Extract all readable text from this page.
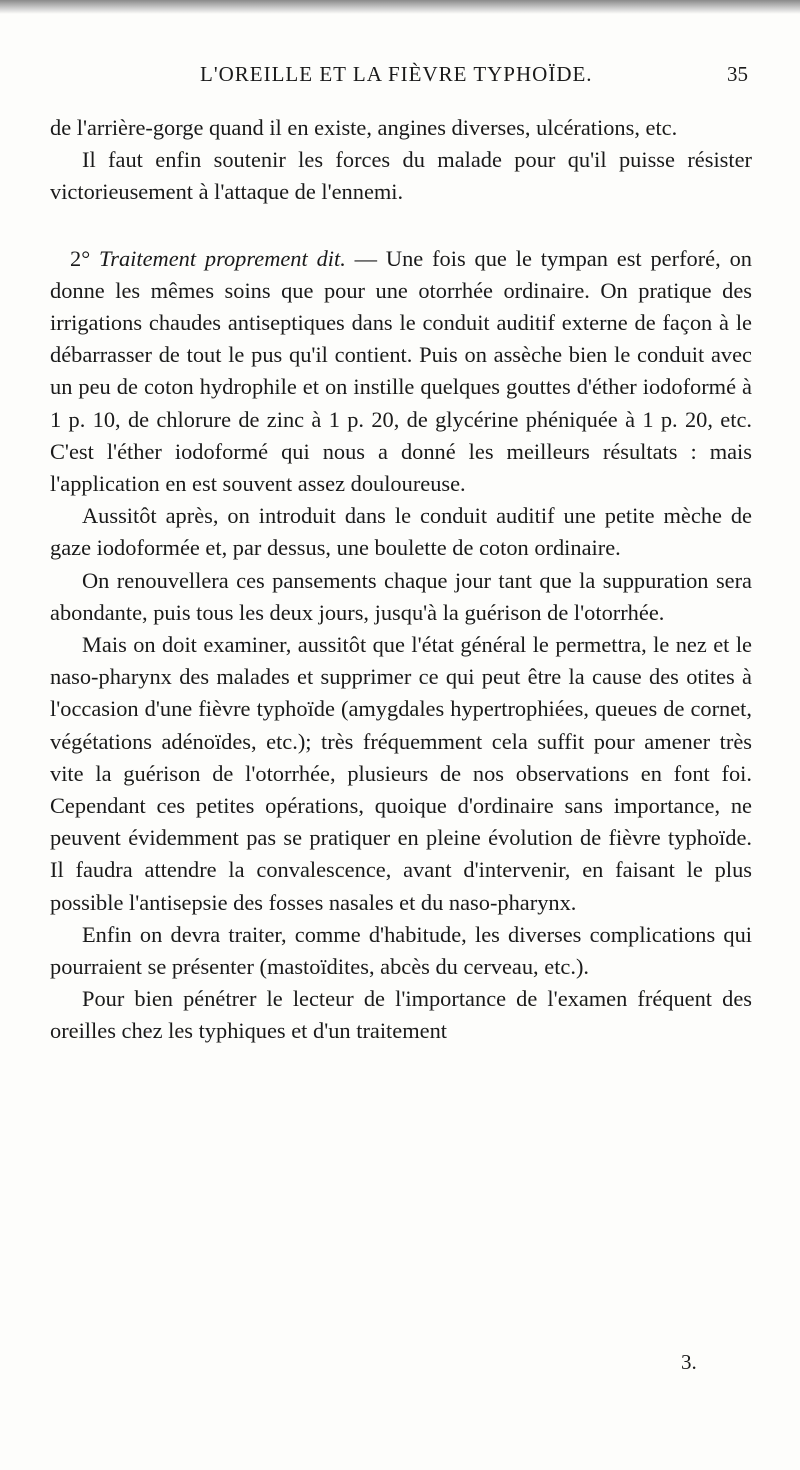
L'OREILLE ET LA FIÈVRE TYPHOÏDE.	35

de l'arrière-gorge quand il en existe, angines diverses, ulcérations, etc.

Il faut enfin soutenir les forces du malade pour qu'il puisse résister victorieusement à l'attaque de l'ennemi.

2° Traitement proprement dit. — Une fois que le tympan est perforé, on donne les mêmes soins que pour une otorrhée ordinaire. On pratique des irrigations chaudes antiseptiques dans le conduit auditif externe de façon à le débarrasser de tout le pus qu'il contient. Puis on assèche bien le conduit avec un peu de coton hydrophile et on instille quelques gouttes d'éther iodoformé à 1 p. 10, de chlorure de zinc à 1 p. 20, de glycérine phéniquée à 1 p. 20, etc. C'est l'éther iodoformé qui nous a donné les meilleurs résultats : mais l'application en est souvent assez douloureuse.

Aussitôt après, on introduit dans le conduit auditif une petite mèche de gaze iodoformée et, par dessus, une boulette de coton ordinaire.

On renouvellera ces pansements chaque jour tant que la suppuration sera abondante, puis tous les deux jours, jusqu'à la guérison de l'otorrhée.

Mais on doit examiner, aussitôt que l'état général le permettra, le nez et le naso-pharynx des malades et supprimer ce qui peut être la cause des otites à l'occasion d'une fièvre typhoïde (amygdales hypertrophiées, queues de cornet, végétations adénoïdes, etc.); très fréquemment cela suffit pour amener très vite la guérison de l'otorrhée, plusieurs de nos observations en font foi. Cependant ces petites opérations, quoique d'ordinaire sans importance, ne peuvent évidemment pas se pratiquer en pleine évolution de fièvre typhoïde. Il faudra attendre la convalescence, avant d'intervenir, en faisant le plus possible l'antisepsie des fosses nasales et du naso-pharynx.

Enfin on devra traiter, comme d'habitude, les diverses complications qui pourraient se présenter (mastoïdites, abcès du cerveau, etc.).

Pour bien pénétrer le lecteur de l'importance de l'examen fréquent des oreilles chez les typhiques et d'un traitement

3.
